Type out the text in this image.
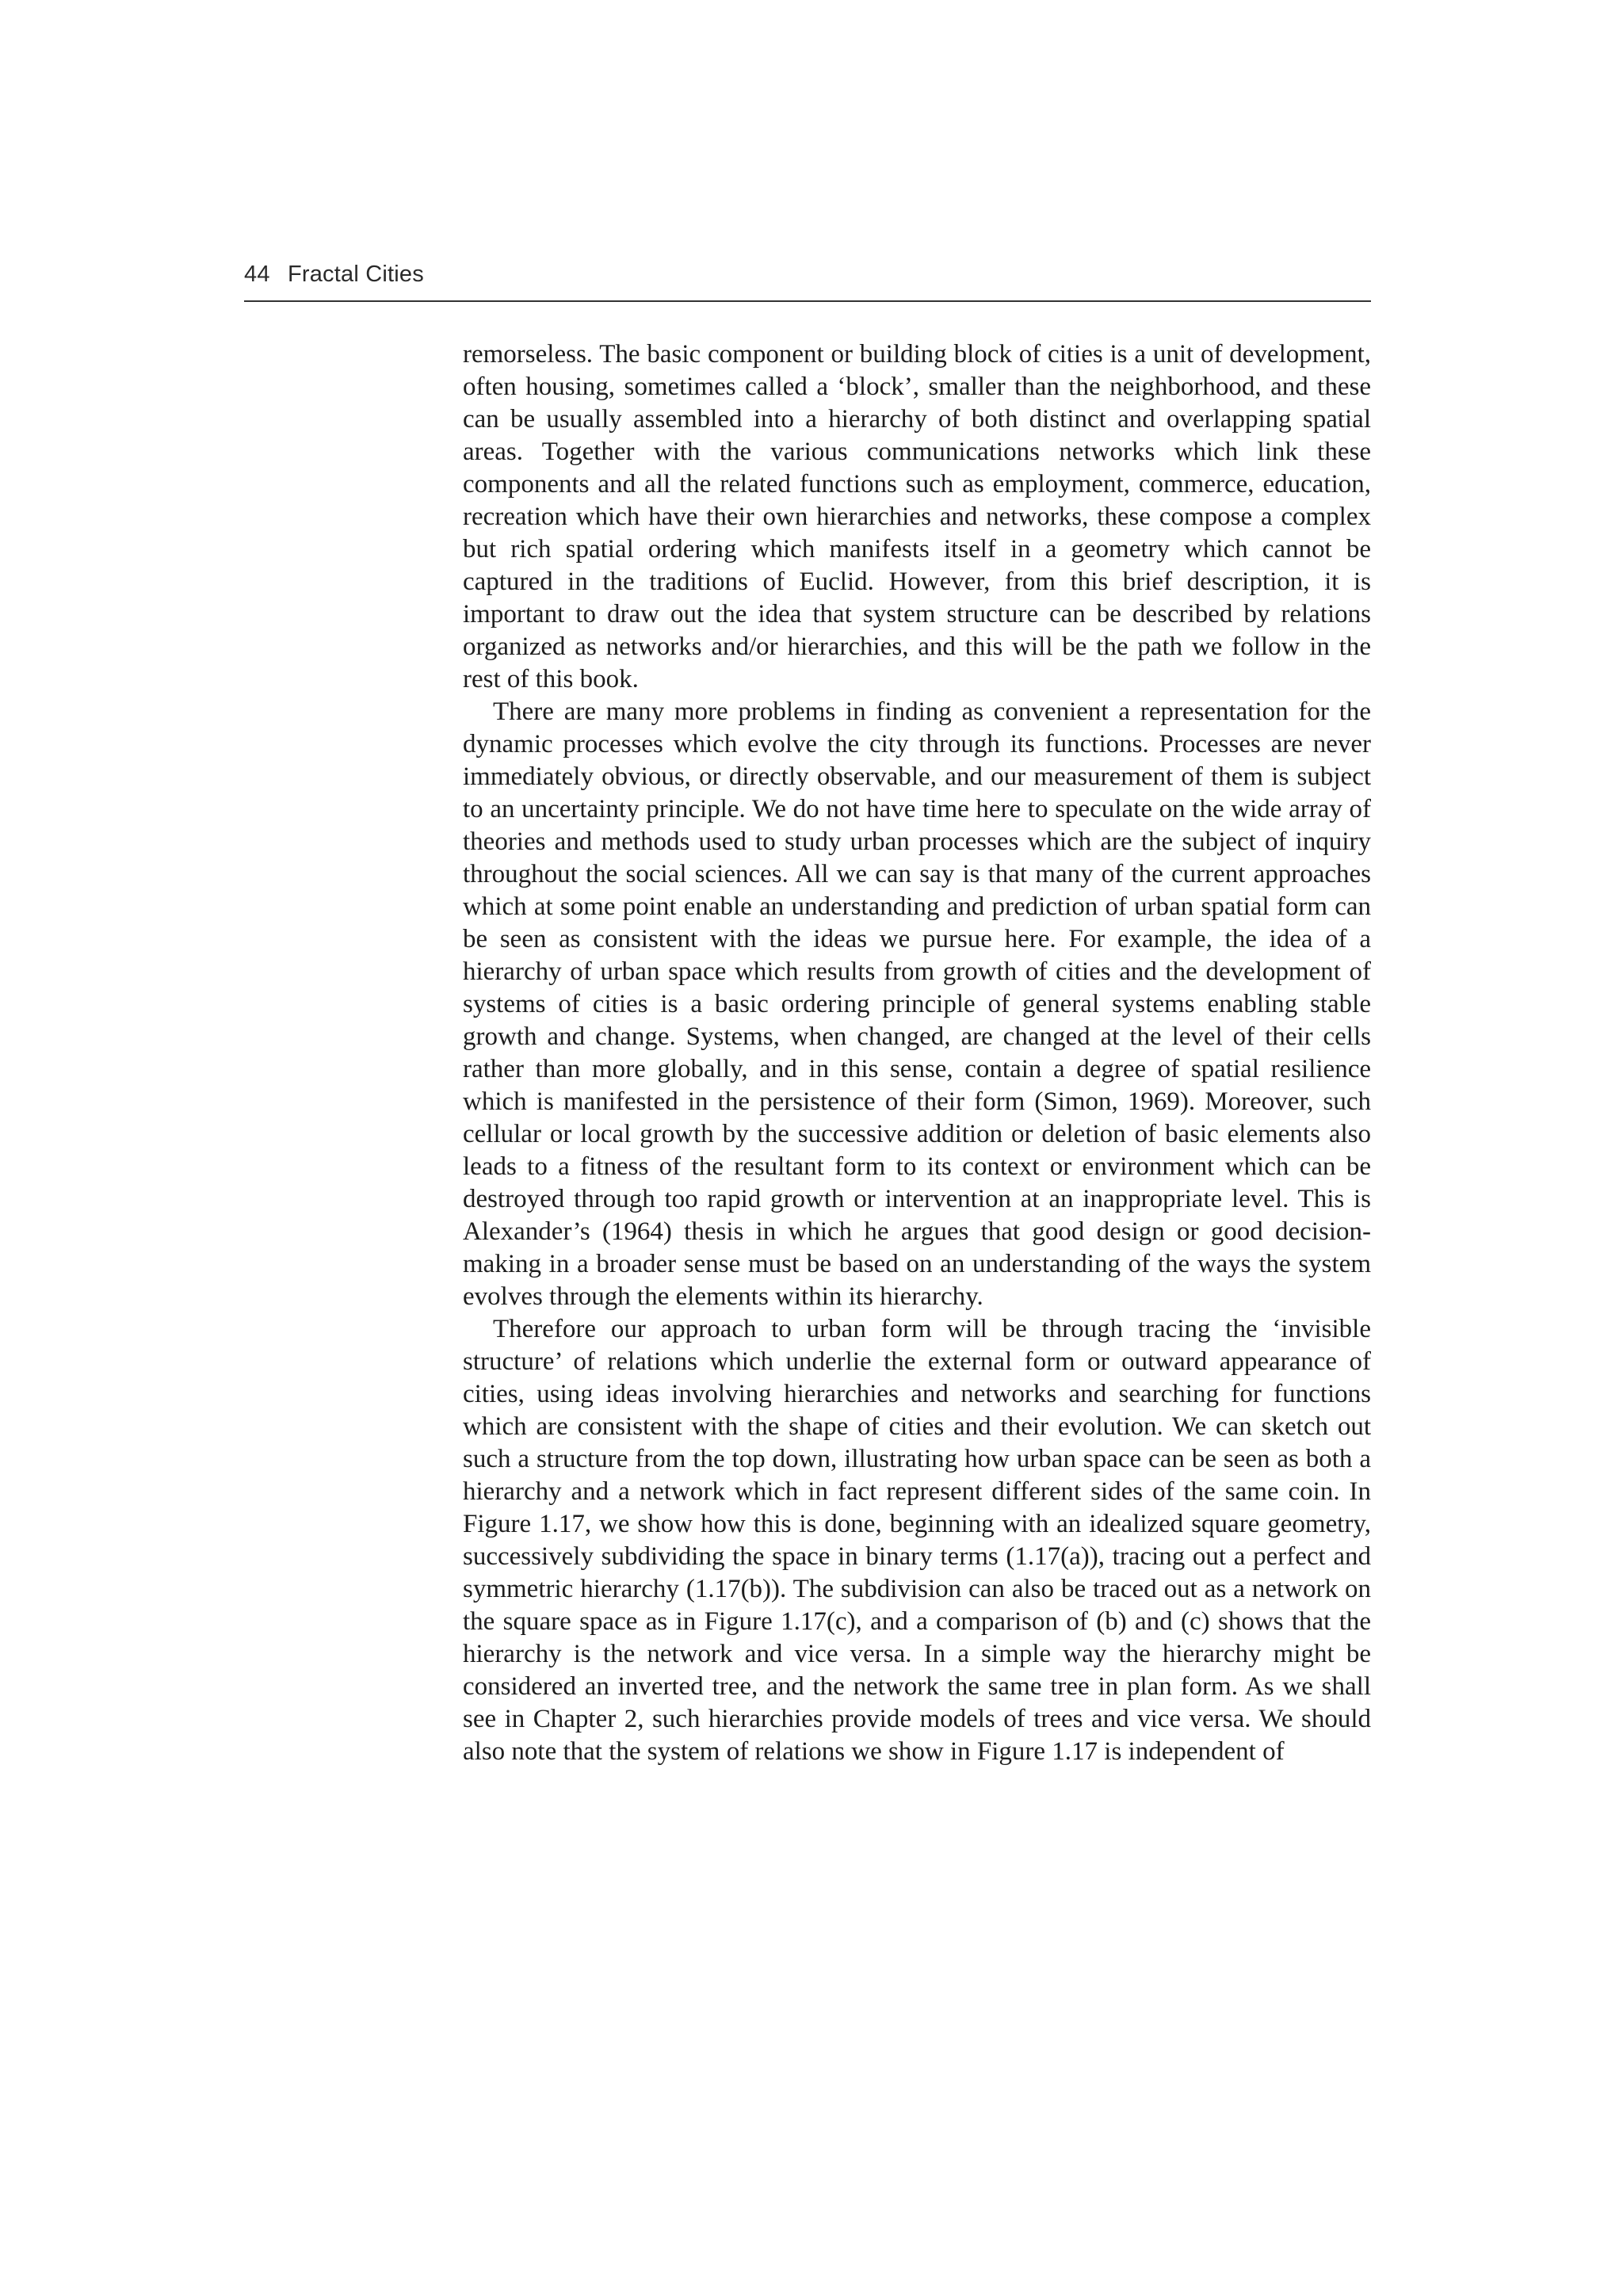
44 Fractal Cities

remorseless. The basic component or building block of cities is a unit of development, often housing, sometimes called a ‘block’, smaller than the neighborhood, and these can be usually assembled into a hierarchy of both distinct and overlapping spatial areas. Together with the various communications networks which link these components and all the related functions such as employment, commerce, education, recreation which have their own hierarchies and networks, these compose a complex but rich spatial ordering which manifests itself in a geometry which cannot be captured in the traditions of Euclid. However, from this brief description, it is important to draw out the idea that system structure can be described by relations organized as networks and/or hierarchies, and this will be the path we follow in the rest of this book.

There are many more problems in finding as convenient a representation for the dynamic processes which evolve the city through its functions. Processes are never immediately obvious, or directly observable, and our measurement of them is subject to an uncertainty principle. We do not have time here to speculate on the wide array of theories and methods used to study urban processes which are the subject of inquiry throughout the social sciences. All we can say is that many of the current approaches which at some point enable an understanding and prediction of urban spatial form can be seen as consistent with the ideas we pursue here. For example, the idea of a hierarchy of urban space which results from growth of cities and the development of systems of cities is a basic ordering principle of general systems enabling stable growth and change. Systems, when changed, are changed at the level of their cells rather than more globally, and in this sense, contain a degree of spatial resilience which is manifested in the persistence of their form (Simon, 1969). Moreover, such cellular or local growth by the successive addition or deletion of basic elements also leads to a fitness of the resultant form to its context or environment which can be destroyed through too rapid growth or intervention at an inappropriate level. This is Alexander’s (1964) thesis in which he argues that good design or good decision-making in a broader sense must be based on an understanding of the ways the system evolves through the elements within its hierarchy.

Therefore our approach to urban form will be through tracing the ‘invisible structure’ of relations which underlie the external form or outward appearance of cities, using ideas involving hierarchies and networks and searching for functions which are consistent with the shape of cities and their evolution. We can sketch out such a structure from the top down, illustrating how urban space can be seen as both a hierarchy and a network which in fact represent different sides of the same coin. In Figure 1.17, we show how this is done, beginning with an idealized square geometry, successively subdividing the space in binary terms (1.17(a)), tracing out a perfect and symmetric hierarchy (1.17(b)). The subdivision can also be traced out as a network on the square space as in Figure 1.17(c), and a comparison of (b) and (c) shows that the hierarchy is the network and vice versa. In a simple way the hierarchy might be considered an inverted tree, and the network the same tree in plan form. As we shall see in Chapter 2, such hierarchies provide models of trees and vice versa. We should also note that the system of relations we show in Figure 1.17 is independent of
